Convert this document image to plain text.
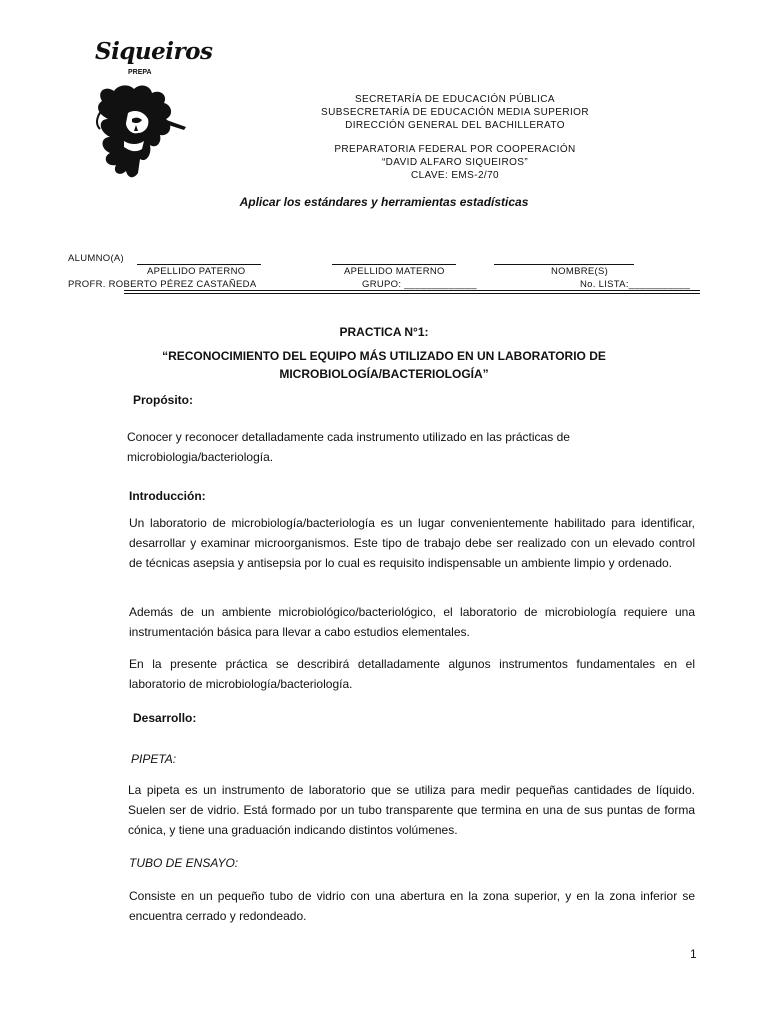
Siqueiros
PREPA
SECRETARÍA DE EDUCACIÓN PÚBLICA
SUBSECRETARÍA DE EDUCACIÓN MEDIA SUPERIOR
DIRECCIÓN GENERAL DEL BACHILLERATO
PREPARATORIA FEDERAL POR COOPERACIÓN
“DAVID ALFARO SIQUEIROS”
CLAVE: EMS-2/70
Aplicar los estándares y herramientas estadísticas
ALUMNO(A)
APELLIDO PATERNO	APELLIDO MATERNO	NOMBRE(S)
PROFR. ROBERTO PÉREZ CASTAÑEDA	GRUPO: _____________	No. LISTA:___________
PRACTICA N°1:
“RECONOCIMIENTO DEL EQUIPO MÁS UTILIZADO EN UN LABORATORIO DE
MICROBIOLOGÍA/BACTERIOLOGÍA”
Propósito:
Conocer y reconocer detalladamente cada instrumento utilizado en las prácticas de microbiologia/bacteriología.
Introducción:
Un laboratorio de microbiología/bacteriología es un lugar convenientemente habilitado para identificar, desarrollar y examinar microorganismos. Este tipo de trabajo debe ser realizado con un elevado control de técnicas asepsia y antisepsia por lo cual es requisito indispensable un ambiente limpio y ordenado.
Además de un ambiente microbiológico/bacteriológico, el laboratorio de microbiología requiere una instrumentación básica para llevar a cabo estudios elementales.
En la presente práctica se describirá detalladamente algunos instrumentos fundamentales en el laboratorio de microbiología/bacteriología.
Desarrollo:
PIPETA:
La pipeta es un instrumento de laboratorio que se utiliza para medir pequeñas cantidades de líquido. Suelen ser de vidrio. Está formado por un tubo transparente que termina en una de sus puntas de forma cónica, y tiene una graduación indicando distintos volúmenes.
TUBO DE ENSAYO:
Consiste en un pequeño tubo de vidrio con una abertura en la zona superior, y en la zona inferior se encuentra cerrado y redondeado.
1
